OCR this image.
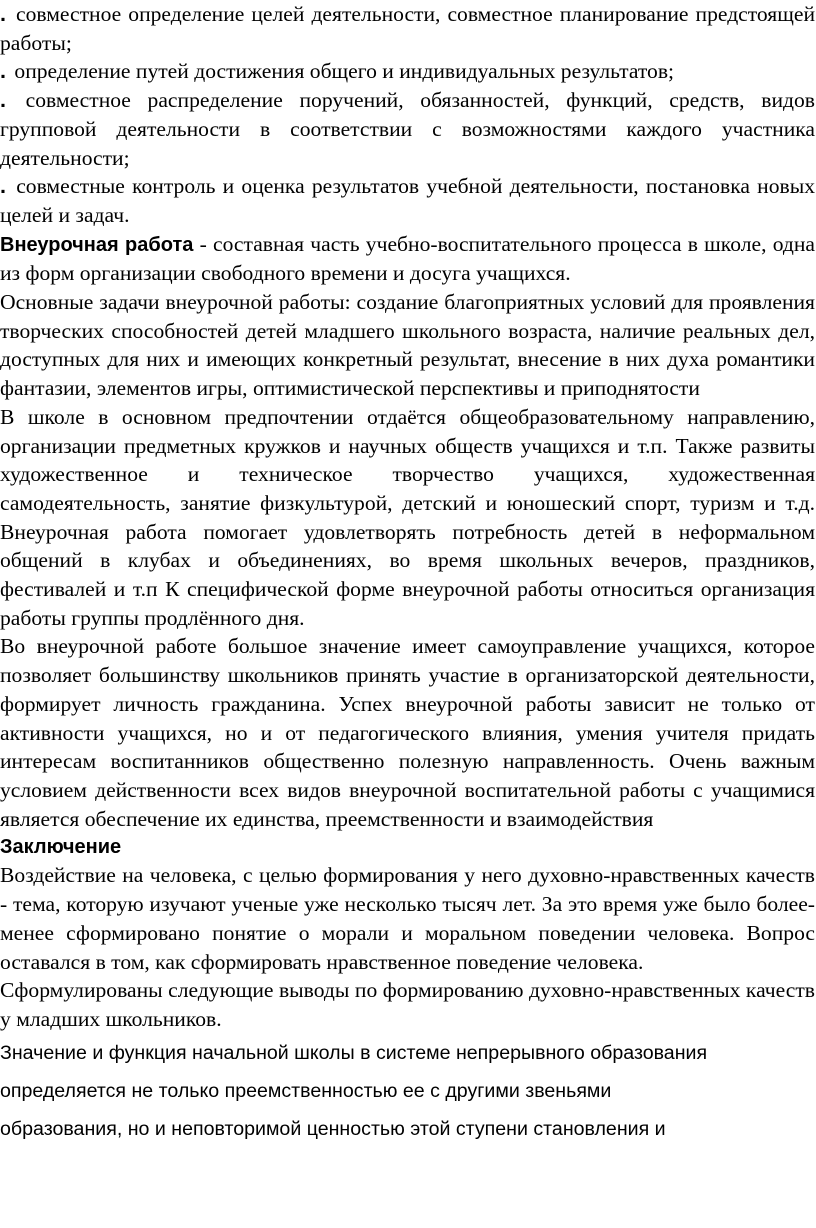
. совместное определение целей деятельности, совместное планирование предстоящей работы;

. определение путей достижения общего и индивидуальных результатов;

. совместное распределение поручений, обязанностей, функций, средств, видов групповой деятельности в соответствии с возможностями каждого участника деятельности;

. совместные контроль и оценка результатов учебной деятельности, постановка новых целей и задач.

Внеурочная работа - составная часть учебно-воспитательного процесса в школе, одна из форм организации свободного времени и досуга учащихся.

Основные задачи внеурочной работы: создание благоприятных условий для проявления творческих способностей детей младшего школьного возраста, наличие реальных дел, доступных для них и имеющих конкретный результат, внесение в них духа романтики фантазии, элементов игры, оптимистической перспективы и приподнятости

В школе в основном предпочтении отдаётся общеобразовательному направлению, организации предметных кружков и научных обществ учащихся и т.п. Также развиты художественное и техническое творчество учащихся, художественная самодеятельность, занятие физкультурой, детский и юношеский спорт, туризм и т.д. Внеурочная работа помогает удовлетворять потребность детей в неформальном общений в клубах и объединениях, во время школьных вечеров, праздников, фестивалей и т.п К специфической форме внеурочной работы относиться организация работы группы продлённого дня.

Во внеурочной работе большое значение имеет самоуправление учащихся, которое позволяет большинству школьников принять участие в организаторской деятельности, формирует личность гражданина. Успех внеурочной работы зависит не только от активности учащихся, но и от педагогического влияния, умения учителя придать интересам воспитанников общественно полезную направленность. Очень важным условием действенности всех видов внеурочной воспитательной работы с учащимися является обеспечение их единства, преемственности и взаимодействия

Заключение

Воздействие на человека, с целью формирования у него духовно-нравственных качеств - тема, которую изучают ученые уже несколько тысяч лет. За это время уже было более-менее сформировано понятие о морали и моральном поведении человека. Вопрос оставался в том, как сформировать нравственное поведение человека.

Сформулированы следующие выводы по формированию духовно-нравственных качеств у младших школьников.

Значение и функция начальной школы в системе непрерывного образования

определяется не только преемственностью ее с другими звеньями

образования, но и неповторимой ценностью этой ступени становления и
